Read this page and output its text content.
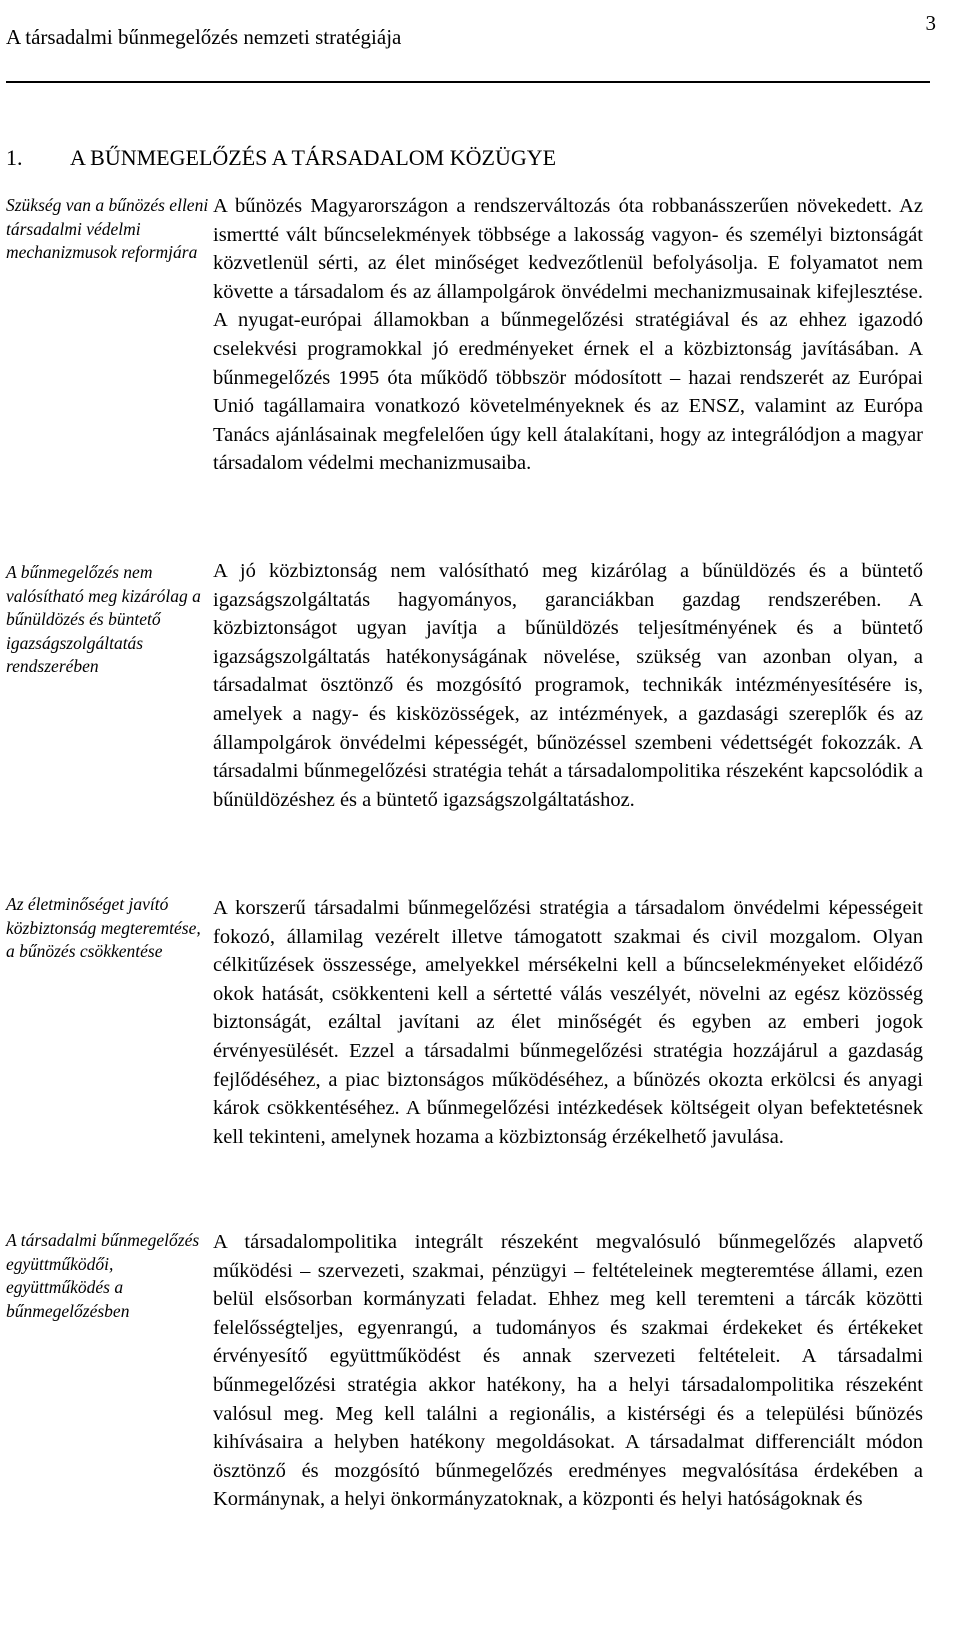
A társadalmi bűnmegelőzés nemzeti stratégiája
3
1. A BŰNMEGELŐZÉS A TÁRSADALOM KÖZÜGYE
Szükség van a bűnözés elleni társadalmi védelmi mechanizmusok reformjára
A bűnmegelőzés nem valósítható meg kizárólag a bűnüldözés és büntető igazságszolgáltatás rendszerében
Az életminőséget javító közbiztonság megteremtése, a bűnözés csökkentése
A társadalmi bűnmegelőzés együttműködői, együttműködés a bűnmegelőzésben

A bűnözés Magyarországon a rendszerváltozás óta robbanásszerűen növekedett. Az ismertté vált bűncselekmények többsége a lakosság vagyon- és személyi biztonságát közvetlenül sérti, az élet minőséget kedvezőtlenül befolyásolja. E folyamatot nem követte a társadalom és az állampolgárok önvédelmi mechanizmusainak kifejlesztése. A nyugat-európai államokban a bűnmegelőzési stratégiával és az ehhez igazodó cselekvési programokkal jó eredményeket érnek el a közbiztonság javításában. A bűnmegelőzés 1995 óta működő többször módosított – hazai rendszerét az Európai Unió tagállamaira vonatkozó követelményeknek és az ENSZ, valamint az Európa Tanács ajánlásainak megfelelően úgy kell átalakítani, hogy az integrálódjon a magyar társadalom védelmi mechanizmusaiba.

A jó közbiztonság nem valósítható meg kizárólag a bűnüldözés és a büntető igazságszolgáltatás hagyományos, garanciákban gazdag rendszerében. A közbiztonságot ugyan javítja a bűnüldözés teljesítményének és a büntető igazságszolgáltatás hatékonyságának növelése, szükség van azonban olyan, a társadalmat ösztönző és mozgósító programok, technikák intézményesítésére is, amelyek a nagy- és kisközösségek, az intézmények, a gazdasági szereplők és az állampolgárok önvédelmi képességét, bűnözéssel szembeni védettségét fokozzák. A társadalmi bűnmegelőzési stratégia tehát a társadalompolitika részeként kapcsolódik a bűnüldözéshez és a büntető igazságszolgáltatáshoz.

A korszerű társadalmi bűnmegelőzési stratégia a társadalom önvédelmi képességeit fokozó, államilag vezérelt illetve támogatott szakmai és civil mozgalom. Olyan célkitűzések összessége, amelyekkel mérsékelni kell a bűncselekményeket előidéző okok hatását, csökkenteni kell a sértetté válás veszélyét, növelni az egész közösség biztonságát, ezáltal javítani az élet minőségét és egyben az emberi jogok érvényesülését. Ezzel a társadalmi bűnmegelőzési stratégia hozzájárul a gazdaság fejlődéséhez, a piac biztonságos működéséhez, a bűnözés okozta erkölcsi és anyagi károk csökkentéséhez. A bűnmegelőzési intézkedések költségeit olyan befektetésnek kell tekinteni, amelynek hozama a közbiztonság érzékelhető javulása.

A társadalompolitika integrált részeként megvalósuló bűnmegelőzés alapvető működési – szervezeti, szakmai, pénzügyi – feltételeinek megteremtése állami, ezen belül elsősorban kormányzati feladat. Ehhez meg kell teremteni a tárcák közötti felelősségteljes, egyenrangú, a tudományos és szakmai érdekeket és értékeket érvényesítő együttműködést és annak szervezeti feltételeit. A társadalmi bűnmegelőzési stratégia akkor hatékony, ha a helyi társadalompolitika részeként valósul meg. Meg kell találni a regionális, a kistérségi és a települési bűnözés kihívásaira a helyben hatékony megoldásokat. A társadalmat differenciált módon ösztönző és mozgósító bűnmegelőzés eredményes megvalósítása érdekében a Kormánynak, a helyi önkormányzatoknak, a központi és helyi hatóságoknak és
